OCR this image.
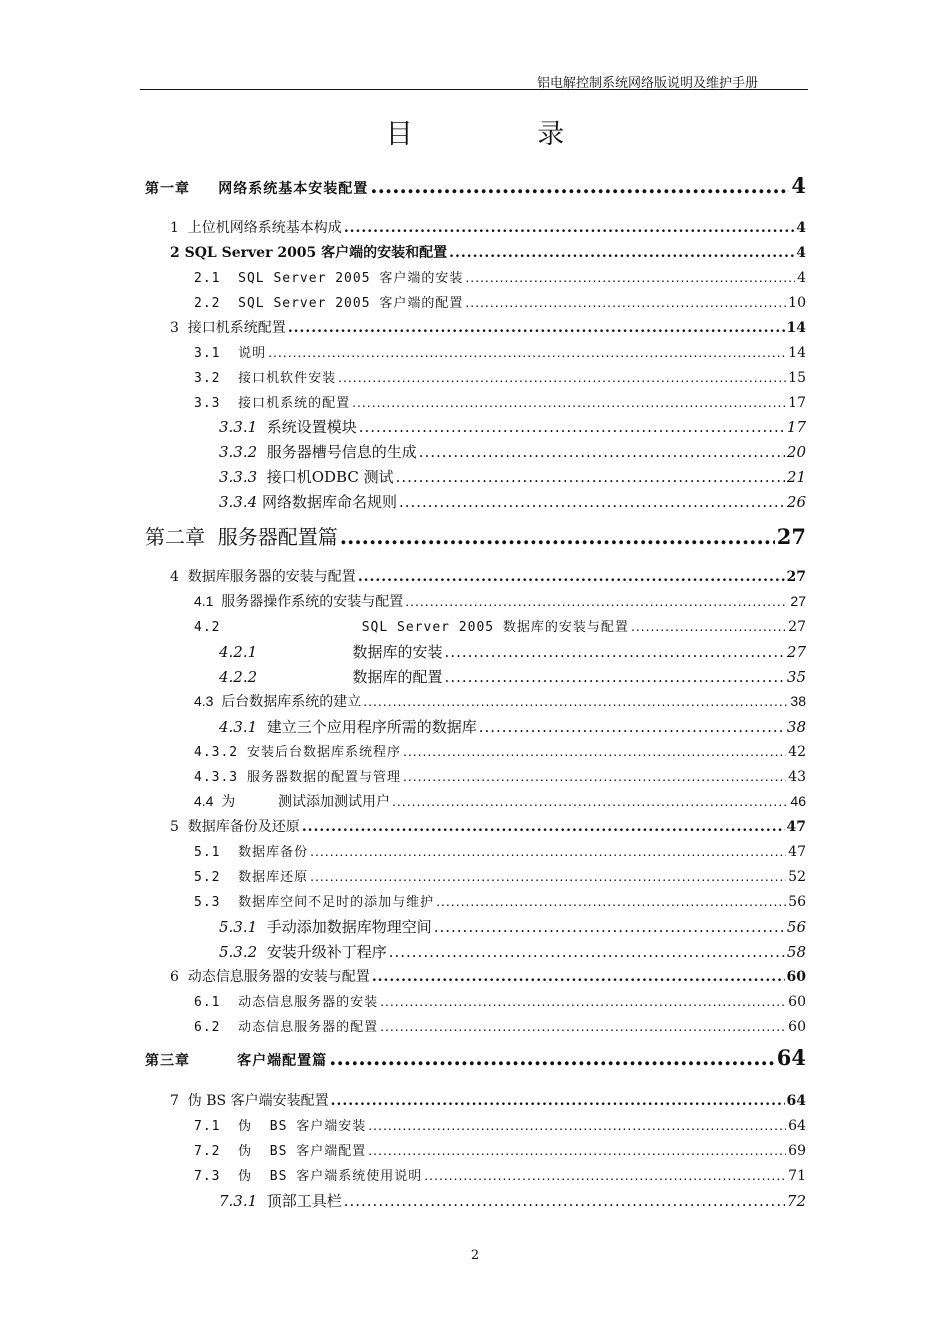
铝电解控制系统网络版说明及维护手册
目 录
第一章   网络系统基本安装配置 .....	4
1  上位机网络系统基本构成 .....	4
2 SQL Server 2005 客户端的安装和配置 .....	4
2.1  SQL Server 2005 客户端的安装 .....	4
2.2  SQL Server 2005 客户端的配置 .....	10
3  接口机系统配置 .....	14
3.1  说明 .....	14
3.2  接口机软件安装 .....	15
3.3  接口机系统的配置 .....	17
3.3.1 系统设置模块 .....	17
3.3.2 服务器槽号信息的生成 .....	20
3.3.3 接口机ODBC 测试 .....	21
3.3.4 网络数据库命名规则 .....	26
第二章  服务器配置篇 .....	27
4  数据库服务器的安装与配置 .....	27
4.1  服务器操作系统的安装与配置 .....	27
4.2                SQL Server 2005 数据库的安装与配置 .....	27
4.2.1 数据库的安装 .....	27
4.2.2 数据库的配置 .....	35
4.3  后台数据库系统的建立 .....	38
4.3.1 建立三个应用程序所需的数据库 .....	38
4.3.2 安装后台数据库系统程序 .....	42
4.3.3 服务器数据的配置与管理 .....	43
4.4  为           测试添加测试用户 .....	46
5  数据库备份及还原 .....	47
5.1  数据库备份 .....	47
5.2  数据库还原 .....	52
5.3  数据库空间不足时的添加与维护 .....	56
5.3.1 手动添加数据库物理空间 .....	56
5.3.2 安装升级补丁程序 .....	58
6  动态信息服务器的安装与配置 .....	60
6.1  动态信息服务器的安装 .....	60
6.2  动态信息服务器的配置 .....	60
第三章     客户端配置篇 .....	64
7  伪 BS 客户端安装配置 .....	64
7.1  伪  BS 客户端安装 .....	64
7.2  伪  BS 客户端配置 .....	69
7.3  伪  BS 客户端系统使用说明 .....	71
7.3.1 顶部工具栏 .....	72
2
